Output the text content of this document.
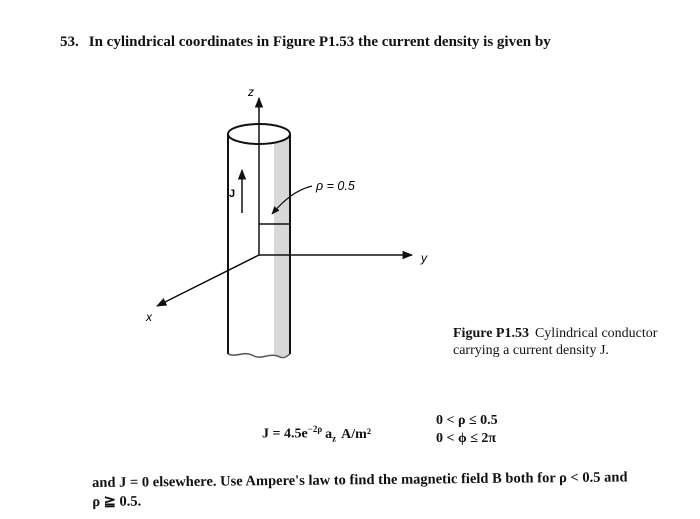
53. In cylindrical coordinates in Figure P1.53 the current density is given by
z
y
x
J
ρ = 0.5
Figure P1.53 Cylindrical conductor carrying a current density J.
$J = 4.5e^{-2\rho}$ $a_z$ A/m²
0 < ρ ≤ 0.5
0 < ϕ ≤ 2π
and J = 0 elsewhere. Use Ampere's law to find the magnetic field B both for ρ < 0.5 and
ρ ≧ 0.5.
